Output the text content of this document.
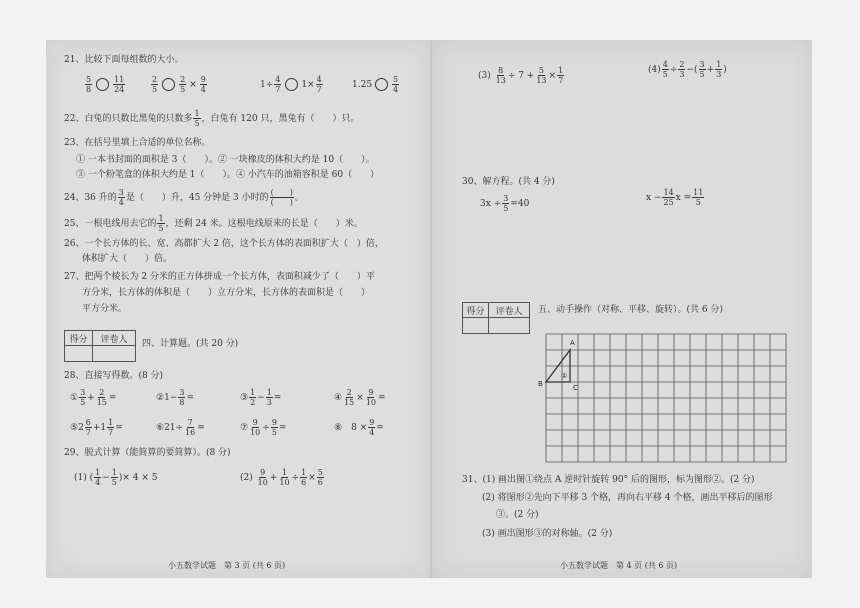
21、比较下面每组数的大小。
$\frac{5}{8}$	$\frac{11}{24}$	$\frac{2}{5}$	$\frac{2}{5} \times \frac{9}{4}$	$1\div \frac{4}{7} 1\times \frac{4}{7}$	1.25	$\frac{5}{4}$
22、白兔的只数比黑兔的只数多 $\frac{1}{5}$ ，白兔有 120 只，黑兔有（　　）只。
23、在括号里填上合适的单位名称。
① 一本书封面的面积是 3（　　）。② 一块橡皮的体积大约是 10（　　）。
③ 一个粉笔盒的体积大约是 1（　　）。④ 小汽车的油箱容积是 60（　　）
24、36 升的 $\frac{3}{4}$ 是（　　）升，45 分钟是 3 小时的 $\frac{( )}{( )}$ 。
25、一根电线用去它的 $\frac{1}{5}$ ，还剩 24 米。这根电线原来的长是（　　）米。
26、一个长方体的长、宽、高都扩大 2 倍，这个长方体的表面积扩大（　）倍，
体积扩大（　　）倍。
27、把两个棱长为 2 分米的正方体拼成一个长方体，表面积减少了（　　）平
方分米，长方体的体积是（　　）立方分米，长方体的表面积是（　　）
平方分米。
得分	评卷人	四、计算题。(共 20 分)
28、直接写得数。(8 分)
① $\frac{3}{5} + \frac{2}{15}$ =	②1− $\frac{3}{8}$ =	③ $\frac{1}{2} - \frac{1}{3}$ =	④ $\frac{2}{15} \times \frac{9}{10}$ =
⑤2 $\frac{6}{7} +1 \frac{1}{7}$ =	⑥21÷ $\frac{7}{16}$ =	⑦ $\frac{9}{10} \div \frac{9}{5}$ =	⑧　$8 \times \frac{9}{4}$ =
29、脱式计算（能简算的要简算）。(8 分)
(1) ( $\frac{1}{4} - \frac{1}{5}$ )× 4 × 5	$(2) \frac{9}{10} + \frac{1}{10} \div \frac{1}{6} \times \frac{5}{6}$
小五数学试题　第 3 页 (共 6 页)
$(3) \frac{8}{13} \div 7 + \frac{5}{13} \times \frac{1}{7}$	$(4) \frac{4}{5} \div \frac{2}{3}$ −( $\frac{3}{5} + \frac{1}{3}$ )
30、解方程。(共 4 分)
$3x \div \frac{3}{5} =40$
$x - \frac{14}{25}$ $x = \frac{11}{5}$
得分	评卷人	五、动手操作（对称、平移、旋转）。(共 6 分)
A
B	C
①
31、(1) 画出图①绕点 A 逆时针旋转 90° 后的图形，标为图形②。(2 分)
(2) 将图形②先向下平移 3 个格，再向右平移 4 个格，画出平移后的图形
③。(2 分)
(3) 画出图形③的对称轴。(2 分)
小五数学试题　第 4 页 (共 6 页)
